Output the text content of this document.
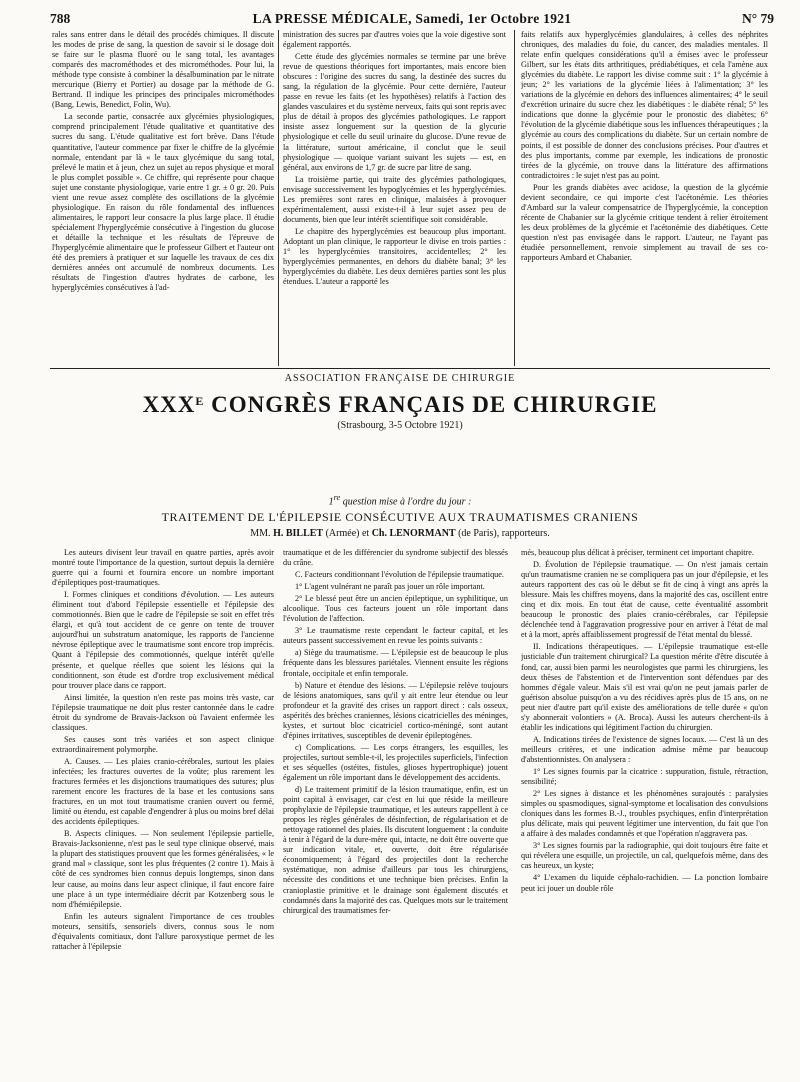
788	LA PRESSE MÉDICALE, Samedi, 1er Octobre 1921	N° 79

rales sans entrer dans le détail des procédés chimiques. Il discute les modes de prise de sang, la question de savoir si le dosage doit se faire sur le plasma fluoré ou le sang total, les avantages comparés des macrométhodes et des microméthodes. Pour lui, la méthode type consiste à combiner la désalbumination par le nitrate mercurique (Bierry et Portier) au dosage par la méthode de G. Bertrand. Il indique les principes des principales microméthodes (Bang, Lewis, Benedict, Folin, Wu).

La seconde partie, consacrée aux glycémies physiologiques, comprend principalement l'étude qualitative et quantitative des sucres du sang. L'étude qualitative est fort brève. Dans l'étude quantitative, l'auteur commence par fixer le chiffre de la glycémie normale, entendant par là « le taux glycémique du sang total, prélevé le matin et à jeun, chez un sujet au repos physique et moral le plus complet possible ». Ce chiffre, qui représente pour chaque sujet une constante physiologique, varie entre 1 gr. ± 0 gr. 20. Puis vient une revue assez complète des oscillations de la glycémie physiologique. En raison du rôle fondamental des influences alimentaires, le rapport leur consacre la plus large place. Il étudie spécialement l'hyperglycémie consécutive à l'ingestion du glucose et détaille la technique et les résultats de l'épreuve de l'hyperglycémie alimentaire que le professeur Gilbert et l'auteur ont été des premiers à pratiquer et sur laquelle les travaux de ces dix dernières années ont accumulé de nombreux documents. Les résultats de l'ingestion d'autres hydrates de carbone, les hyperglycémies consécutives à l'ad-

ministration des sucres par d'autres voies que la voie digestive sont également rapportés.

Cette étude des glycémies normales se termine par une brève revue de questions théoriques fort importantes, mais encore bien obscures : l'origine des sucres du sang, la destinée des sucres du sang, la régulation de la glycémie. Pour cette dernière, l'auteur passe en revue les faits (et les hypothèses) relatifs à l'action des glandes vasculaires et du système nerveux, faits qui sont repris avec plus de détail à propos des glycémies pathologiques. Le rapport insiste assez longuement sur la question de la glycurie physiologique et celle du seuil urinaire du glucose. D'une revue de la littérature, surtout américaine, il conclut que le seuil physiologique — quoique variant suivant les sujets — est, en général, aux environs de 1,7 gr. de sucre par litre de sang.

La troisième partie, qui traite des glycémies pathologiques, envisage successivement les hypoglycémies et les hyperglycémies. Les premières sont rares en clinique, malaisées à provoquer expérimentalement, aussi existe-t-il à leur sujet assez peu de documents, bien que leur intérêt scientifique soit considérable.

Le chapitre des hyperglycémies est beaucoup plus important. Adoptant un plan clinique, le rapporteur le divise en trois parties : 1° les hyperglycémies transitoires, accidentelles; 2° les hyperglycémies permanentes, en dehors du diabète banal; 3° les hyperglycémies du diabète. Les deux dernières parties sont les plus étendues. L'auteur a rapporté les

faits relatifs aux hyperglycémies glandulaires, à celles des néphrites chroniques, des maladies du foie, du cancer, des maladies mentales. Il relate enfin quelques considérations qu'il a émises avec le professeur Gilbert, sur les états dits arthritiques, prédiabétiques, et cela l'amène aux glycémies du diabète. Le rapport les divise comme suit : 1° la glycémie à jeun; 2° les variations de la glycémie liées à l'alimentation; 3° les variations de la glycémie en dehors des influences alimentaires; 4° le seuil d'excrétion urinaire du sucre chez les diabétiques : le diabète rénal; 5° les indications que donne la glycémie pour le pronostic des diabètes; 6° l'évolution de la glycémie diabétique sous les influences thérapeutiques ; la glycémie au cours des complications du diabète. Sur un certain nombre de points, il est possible de donner des conclusions précises. Pour d'autres et des plus importants, comme par exemple, les indications de pronostic tirées de la glycémie, on trouve dans la littérature des affirmations contradictoires : le sujet n'est pas au point.

Pour les grands diabètes avec acidose, la question de la glycémie devient secondaire, ce qui importe c'est l'acétonémie. Les théories d'Ambard sur la valeur compensatrice de l'hyperglycémie, la conception récente de Chabanier sur la glycémie critique tendent à relier étroitement les deux problèmes de la glycémie et l'acétonémie des diabétiques. Cette question n'est pas envisagée dans le rapport. L'auteur, ne l'ayant pas étudiée personnellement, renvoie simplement au travail de ses co-rapporteurs Ambard et Chabanier.

ASSOCIATION FRANÇAISE DE CHIRURGIE
$XXX^E$ CONGRÈS FRANÇAIS DE CHIRURGIE
(Strasbourg, 3-5 Octobre 1921)
1re question mise à l'ordre du jour :
TRAITEMENT DE L'ÉPILEPSIE CONSÉCUTIVE AUX TRAUMATISMES CRANIENS
MM. H. BILLET (Armée) et Ch. LENORMANT (de Paris), rapporteurs.

Les auteurs divisent leur travail en quatre parties, après avoir montré toute l'importance de la question, surtout depuis la dernière guerre qui a fourni et fournira encore un nombre important d'épileptiques post-traumatiques.

I. Formes cliniques et conditions d'évolution. — Les auteurs éliminent tout d'abord l'épilepsie essentielle et l'épilepsie des commotionnés. Bien que le cadre de l'épilepsie se soit en effet très élargi, et qu'à tout accident de ce genre on tente de trouver aujourd'hui un substratum anatomique, les rapports de l'ancienne névrose épileptique avec le traumatisme sont encore trop imprécis. Quant à l'épilepsie des commotionnés, quelque intérêt qu'elle présente, et quelque réelles que soient les lésions qui la conditionnent, son étude est d'ordre trop exclusivement médical pour trouver place dans ce rapport.

Ainsi limitée, la question n'en reste pas moins très vaste, car l'épilepsie traumatique ne doit plus rester cantonnée dans le cadre étroit du syndrome de Bravais-Jackson où l'avaient enfermée les classiques.

Ses causes sont très variées et son aspect clinique extraordinairement polymorphe.

A. Causes. — Les plaies cranio-cérébrales, surtout les plaies infectées; les fractures ouvertes de la voûte; plus rarement les fractures fermées et les disjonctions traumatiques des sutures; plus rarement encore les fractures de la base et les contusions sans fractures, en un mot tout traumatisme cranien ouvert ou fermé, limité ou étendu, est capable d'engendrer à plus ou moins bref délai des accidents épileptiques.

B. Aspects cliniques. — Non seulement l'épilepsie partielle, Bravais-Jacksonienne, n'est pas le seul type clinique observé, mais la plupart des statistiques prouvent que les formes généralisées, « le grand mal » classique, sont les plus fréquentes (2 contre 1). Mais à côté de ces syndromes bien connus depuis longtemps, sinon dans leur cause, au moins dans leur aspect clinique, il faut encore faire une place à un type intermédiaire décrit par Kotzenberg sous le nom d'hémiépilepsie.

Enfin les auteurs signalent l'importance de ces troubles moteurs, sensitifs, sensoriels divers, connus sous le nom d'équivalents comitiaux, dont l'allure paroxystique permet de les rattacher à l'épilepsie

traumatique et de les différencier du syndrome subjectif des blessés du crâne.

C. Facteurs conditionnant l'évolution de l'épilepsie traumatique.

1° L'agent vulnérant ne paraît pas jouer un rôle important.

2° Le blessé peut être un ancien épileptique, un syphilitique, un alcoolique. Tous ces facteurs jouent un rôle important dans l'évolution de l'affection.

3° Le traumatisme reste cependant le facteur capital, et les auteurs passent successivement en revue les points suivants :

a) Siège du traumatisme. — L'épilepsie est de beaucoup le plus fréquente dans les blessures pariétales. Viennent ensuite les régions frontale, occipitale et enfin temporale.

b) Nature et étendue des lésions. — L'épilepsie relève toujours de lésions anatomiques, sans qu'il y ait entre leur étendue ou leur profondeur et la gravité des crises un rapport direct : cals osseux, aspérités des brèches craniennes, lésions cicatricielles des méninges, kystes, et surtout bloc cicatriciel cortico-méningé, sont autant d'épines irritatives, susceptibles de devenir épileptogènes.

c) Complications. — Les corps étrangers, les esquilles, les projectiles, surtout semble-t-il, les projectiles superficiels, l'infection et ses séquelles (ostéites, fistules, glioses hypertrophique) jouent également un rôle important dans le développement des accidents.

d) Le traitement primitif de la lésion traumatique, enfin, est un point capital à envisager, car c'est en lui que réside la meilleure prophylaxie de l'épilepsie traumatique, et les auteurs rappellent à ce propos les règles générales de désinfection, de régularisation et de nettoyage rationnel des plaies. Ils discutent longuement : la conduite à tenir à l'égard de la dure-mère qui, intacte, ne doit être ouverte que sur indication vitale, et, ouverte, doit être régularisée économiquement; à l'égard des projectiles dont la recherche systématique, non admise d'ailleurs par tous les chirurgiens, nécessite des conditions et une technique bien précises. Enfin la cranioplastie primitive et le drainage sont également discutés et condamnés dans la majorité des cas. Quelques mots sur le traitement chirurgical des traumatismes fer-

més, beaucoup plus délicat à préciser, terminent cet important chapitre.

D. Évolution de l'épilepsie traumatique. — On n'est jamais certain qu'un traumatisme cranien ne se compliquera pas un jour d'épilepsie, et les auteurs rapportent des cas où le début se fit de cinq à vingt ans après la blessure. Mais les chiffres moyens, dans la majorité des cas, oscillent entre cinq et dix mois. En tout état de cause, cette éventualité assombrit beaucoup le pronostic des plaies cranio-cérébrales, car l'épilepsie déclenchée tend à l'aggravation progressive pour en arriver à l'état de mal et à la mort, après affaiblissement progressif de l'état mental du blessé.

II. Indications thérapeutiques. — L'épilepsie traumatique est-elle justiciable d'un traitement chirurgical? La question mérite d'être discutée à fond, car, aussi bien parmi les neurologistes que parmi les chirurgiens, les deux thèses de l'abstention et de l'intervention sont défendues par des hommes d'égale valeur. Mais s'il est vrai qu'on ne peut jamais parler de guérison absolue puisqu'on a vu des récidives après plus de 15 ans, on ne peut nier d'autre part qu'il existe des améliorations de telle durée « qu'on s'y abonnerait volontiers » (A. Broca). Aussi les auteurs cherchent-ils à établir les indications qui légitiment l'action du chirurgien.

A. Indications tirées de l'existence de signes locaux. — C'est là un des meilleurs critères, et une indication admise même par beaucoup d'abstentionnistes. On analysera :

1° Les signes fournis par la cicatrice : suppuration, fistule, rétraction, sensibilité;

2° Les signes à distance et les phénomènes surajoutés : paralysies simples ou spasmodiques, signal-symptome et localisation des convulsions cloniques dans les formes B.-J., troubles psychiques, enfin d'interprétation plus délicate, mais qui peuvent légitimer une intervention, du fait que l'on a affaire à des malades condamnés et que l'opération n'aggravera pas.

3° Les signes fournis par la radiographie, qui doit toujours être faite et qui révélera une esquille, un projectile, un cal, quelquefois même, dans des cas heureux, un kyste;

4° L'examen du liquide céphalo-rachidien. — La ponction lombaire peut ici jouer un double rôle
